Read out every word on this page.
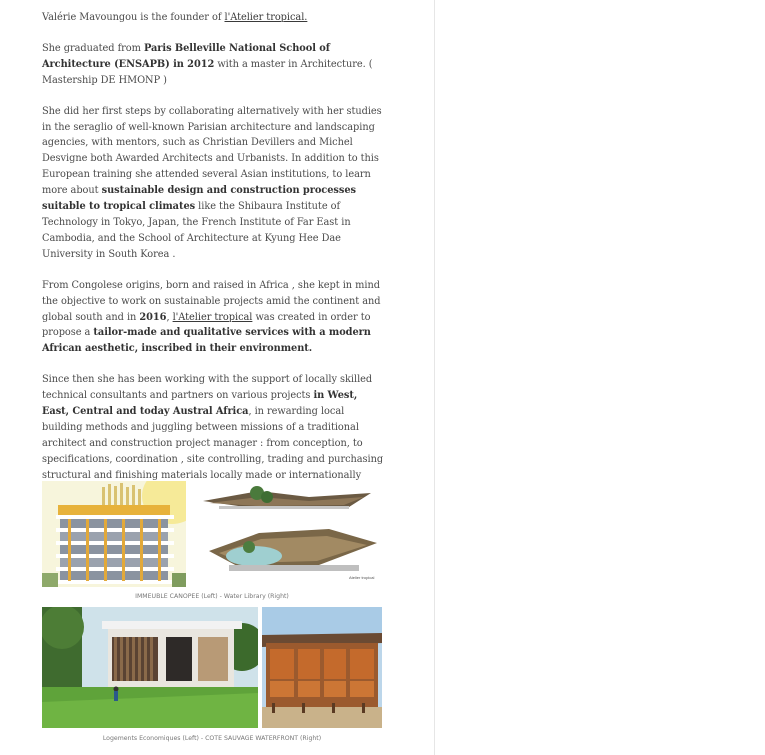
Valérie Mavoungou is the founder of l'Atelier tropical.

She graduated from Paris Belleville National School of Architecture (ENSAPB) in 2012 with a master in Architecture. ( Mastership DE HMONP )

She did her first steps by collaborating alternatively with her studies in the seraglio of well-known Parisian architecture and landscaping agencies, with mentors, such as Christian Devillers and Michel Desvigne both Awarded Architects and Urbanists. In addition to this European training she attended several Asian institutions, to learn more about sustainable design and construction processes suitable to tropical climates like the Shibaura Institute of Technology in Tokyo, Japan, the French Institute of Far East in Cambodia, and the School of Architecture at Kyung Hee Dae University in South Korea .

From Congolese origins, born and raised in Africa , she kept in mind the objective to work on sustainable projects amid the continent and global south and in 2016, l'Atelier tropical was created in order to propose a tailor-made and qualitative services with a modern African aesthetic, inscribed in their environment.

Since then she has been working with the support of locally skilled technical consultants and partners on various projects in West, East, Central and today Austral Africa, in rewarding local building methods and juggling between missions of a traditional architect and construction project manager : from conception, to specifications, coordination , site controlling, trading and purchasing structural and finishing materials locally made or internationally

Atelier tropical
IMMEUBLE CANOPEE (Left) - Water Library (Right)
Logements Economiques (Left) - COTE SAUVAGE WATERFRONT (Right)
